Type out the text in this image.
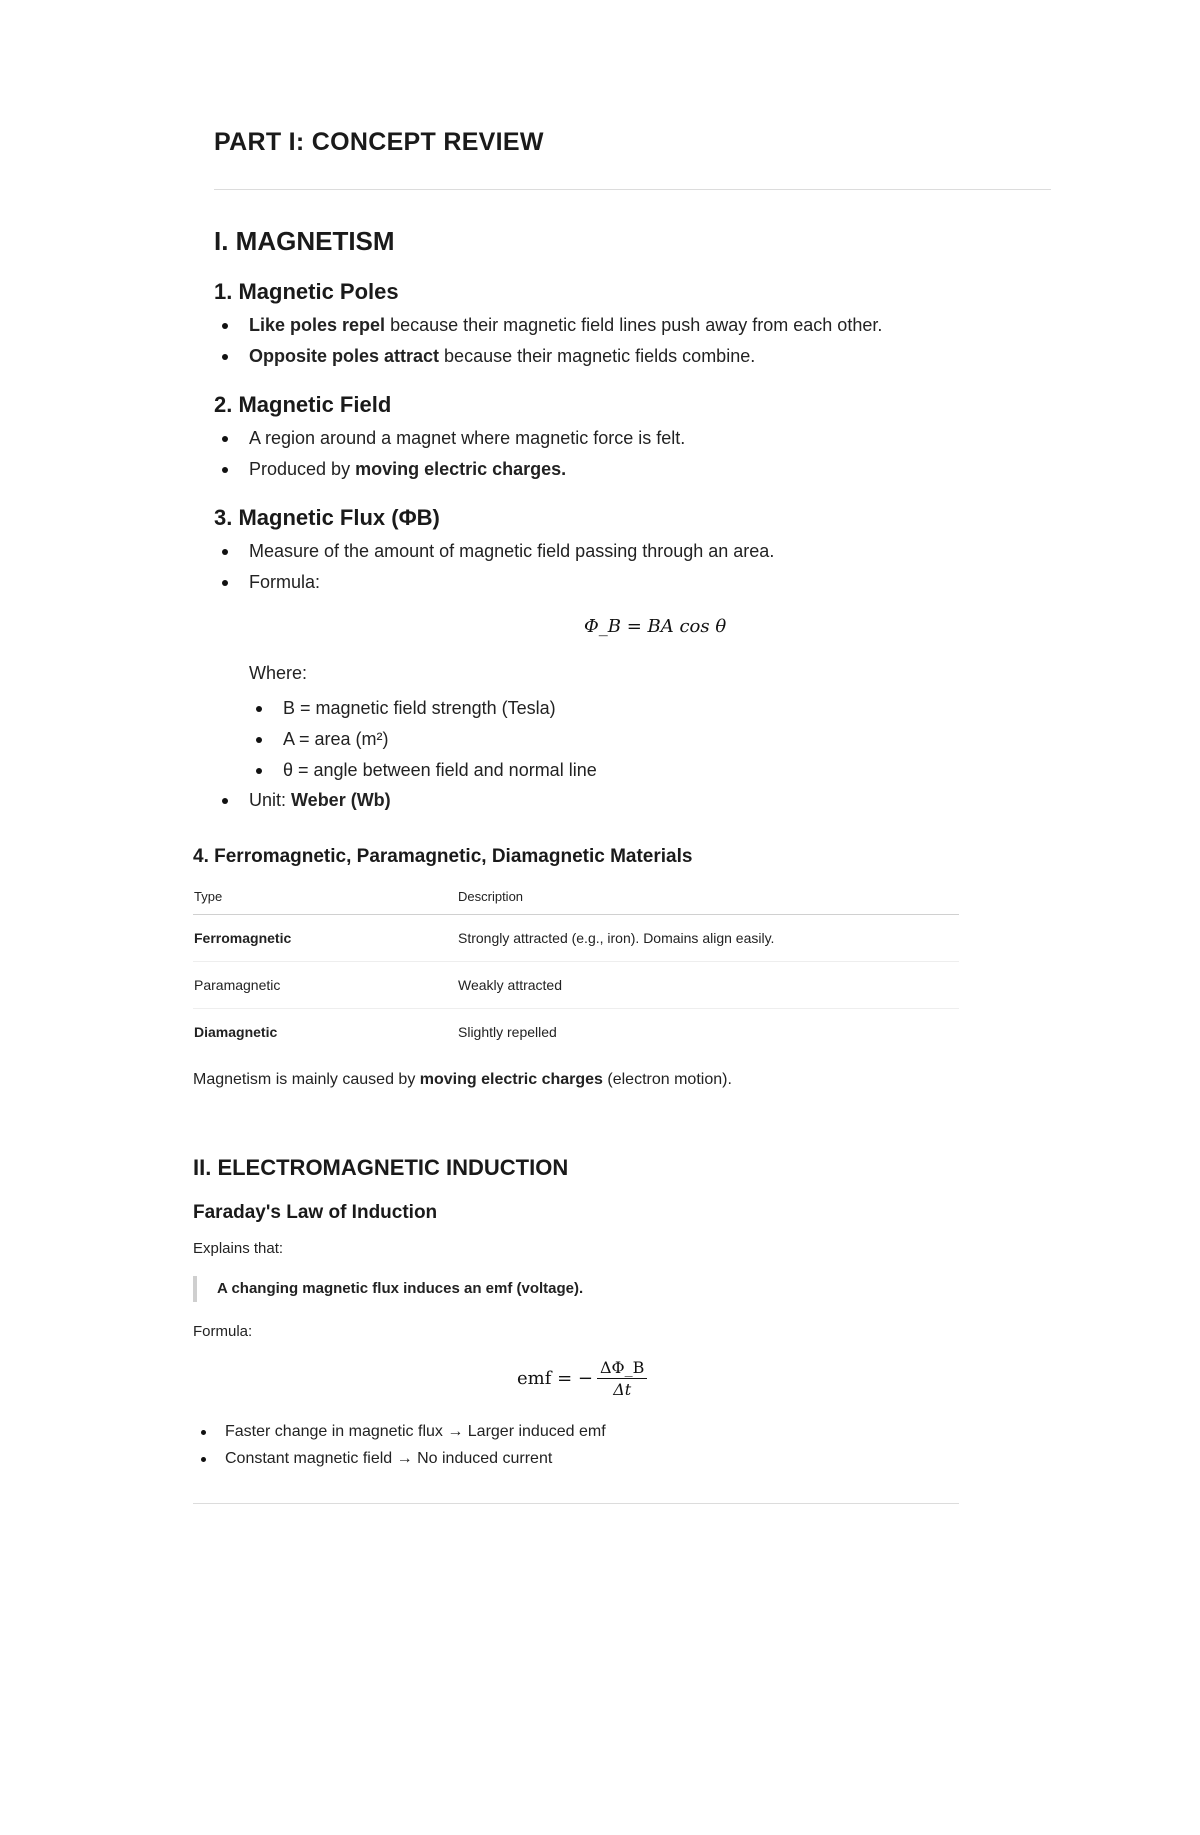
PART I: CONCEPT REVIEW
I. MAGNETISM
1. Magnetic Poles
Like poles repel because their magnetic field lines push away from each other.
Opposite poles attract because their magnetic fields combine.
2. Magnetic Field
A region around a magnet where magnetic force is felt.
Produced by moving electric charges.
3. Magnetic Flux (ΦB)
Measure of the amount of magnetic field passing through an area.
Formula:
Φ_B = BA cos θ
Where:
B = magnetic field strength (Tesla)
A = area (m²)
θ = angle between field and normal line
Unit: Weber (Wb)
4. Ferromagnetic, Paramagnetic, Diamagnetic Materials
Type	Description
Ferromagnetic	Strongly attracted (e.g., iron). Domains align easily.
Paramagnetic	Weakly attracted
Diamagnetic	Slightly repelled
Magnetism is mainly caused by moving electric charges (electron motion).
II. ELECTROMAGNETIC INDUCTION
Faraday's Law of Induction
Explains that:
A changing magnetic flux induces an emf (voltage).
Formula:
emf = − $\frac{\Delta\Phi\_B}{\Delta t}$
Faster change in magnetic flux → Larger induced emf
Constant magnetic field → No induced current
